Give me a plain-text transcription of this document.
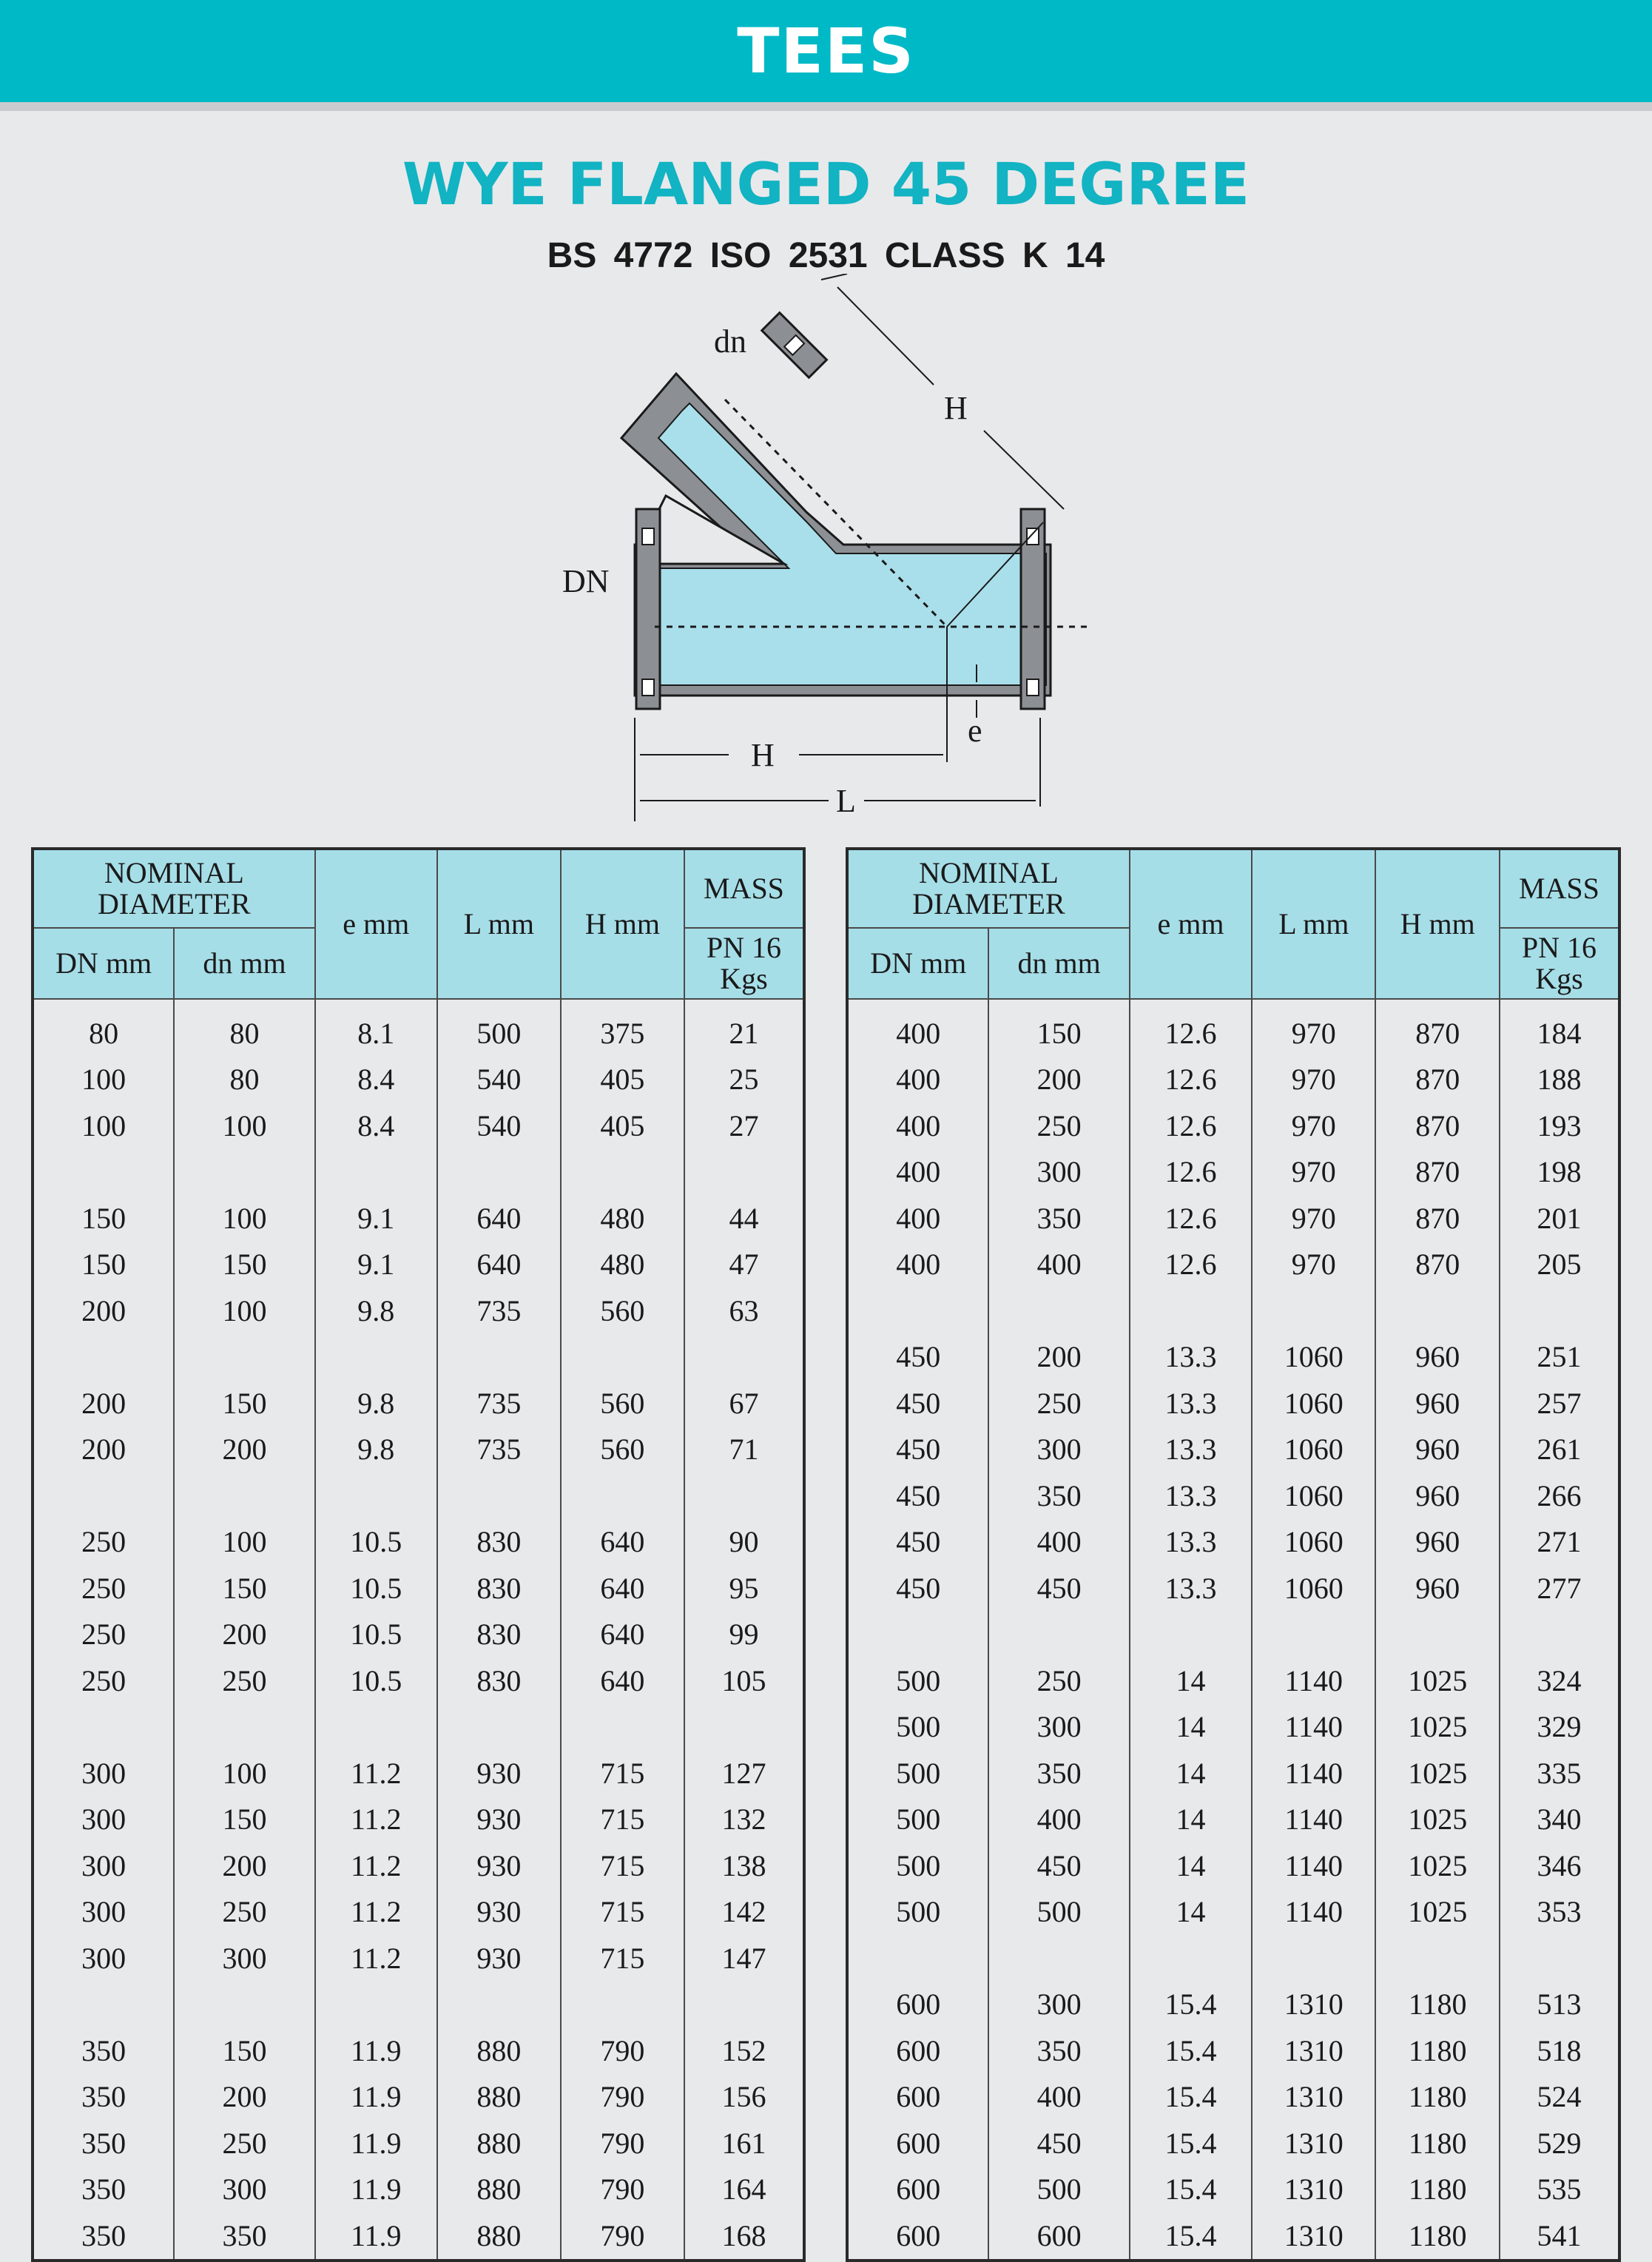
TEES
WYE FLANGED 45 DEGREE
BS 4772 ISO 2531 CLASS K 14
H
dn
DN
e
H
L
NOMINAL DIAMETER		e mm	L mm	H mm	MASS
DN mm	dn mm				PN 16 Kgs
80	80	8.1	500	375	21
100	80	8.4	540	405	25
100	100	8.4	540	405	27

150	100	9.1	640	480	44
150	150	9.1	640	480	47
200	100	9.8	735	560	63

200	150	9.8	735	560	67
200	200	9.8	735	560	71

250	100	10.5	830	640	90
250	150	10.5	830	640	95
250	200	10.5	830	640	99
250	250	10.5	830	640	105

300	100	11.2	930	715	127
300	150	11.2	930	715	132
300	200	11.2	930	715	138
300	250	11.2	930	715	142
300	300	11.2	930	715	147

350	150	11.9	880	790	152
350	200	11.9	880	790	156
350	250	11.9	880	790	161
350	300	11.9	880	790	164
350	350	11.9	880	790	168
NOMINAL DIAMETER		e mm	L mm	H mm	MASS
DN mm	dn mm				PN 16 Kgs
400	150	12.6	970	870	184
400	200	12.6	970	870	188
400	250	12.6	970	870	193
400	300	12.6	970	870	198
400	350	12.6	970	870	201
400	400	12.6	970	870	205

450	200	13.3	1060	960	251
450	250	13.3	1060	960	257
450	300	13.3	1060	960	261
450	350	13.3	1060	960	266
450	400	13.3	1060	960	271
450	450	13.3	1060	960	277

500	250	14	1140	1025	324
500	300	14	1140	1025	329
500	350	14	1140	1025	335
500	400	14	1140	1025	340
500	450	14	1140	1025	346
500	500	14	1140	1025	353

600	300	15.4	1310	1180	513
600	350	15.4	1310	1180	518
600	400	15.4	1310	1180	524
600	450	15.4	1310	1180	529
600	500	15.4	1310	1180	535
600	600	15.4	1310	1180	541
